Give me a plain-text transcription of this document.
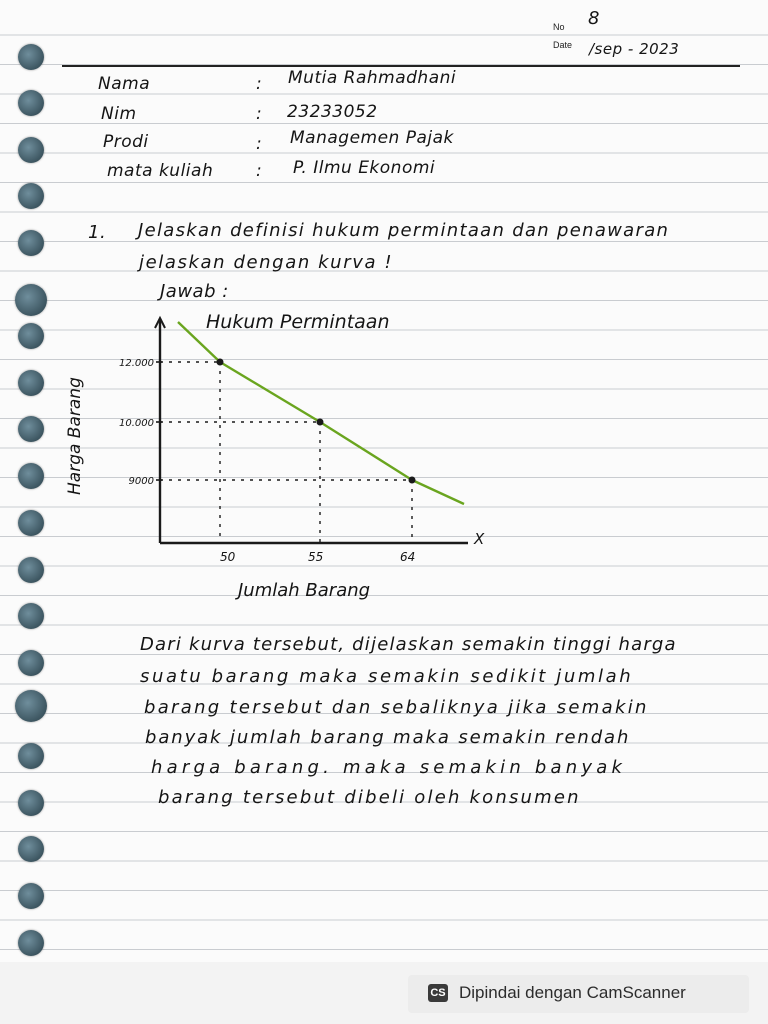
No 8
Date /sep - 2023
Nama	: Mutia Rahmadhani
Nim	: 23233052
Prodi	: Managemen Pajak
mata kuliah	: P. Ilmu Ekonomi
1. Jelaskan definisi hukum permintaan dan penawaran
jelaskan dengan kurva !
Jawab :
Hukum Permintaan
Harga Barang
Jumlah Barang
X
12.000
10.000
9000
50	55	64
Dari kurva tersebut, dijelaskan semakin tinggi harga
suatu barang maka semakin sedikit jumlah
barang tersebut dan sebaliknya jika semakin
banyak jumlah barang maka semakin rendah
harga barang. maka semakin banyak
barang tersebut dibeli oleh konsumen
CS Dipindai dengan CamScanner
